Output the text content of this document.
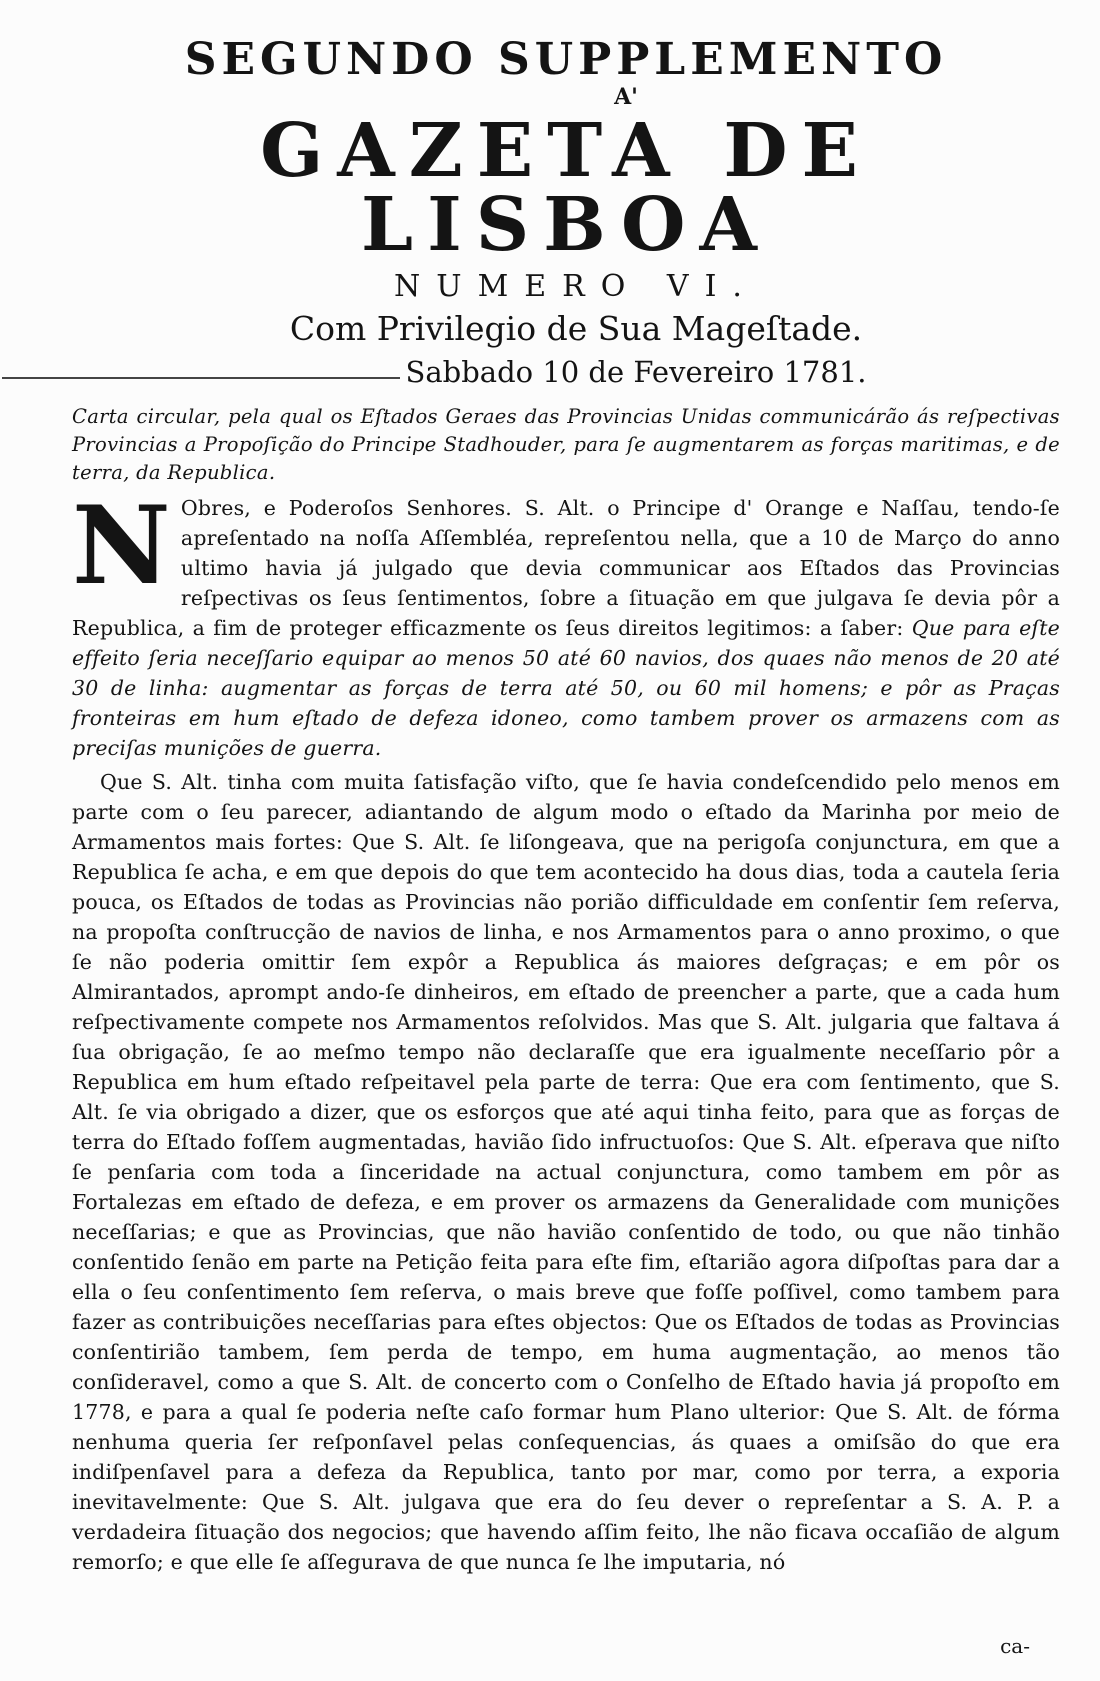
SEGUNDO SUPPLEMENTO
A'
GAZETA DE LISBOA
NUMERO VI.
Com Privilegio de Sua Mageſtade.
Sabbado 10 de Fevereiro 1781.
Carta circular, pela qual os Eſtados Geraes das Provincias Unidas communicárão ás reſpectivas Provincias a Propoſição do Principe Stadhouder, para ſe augmentarem as forças maritimas, e de terra, da Republica.
N Obres, e Poderoſos Senhores. S. Alt. o Principe d' Orange e Naſſau, tendo-ſe apreſentado na noſſa Aſſembléa, repreſentou nella, que a 10 de Março do anno ultimo havia já julgado que devia communicar aos Eſtados das Provincias reſpectivas os ſeus ſentimentos, ſobre a ſituação em que julgava ſe devia pôr a Republica, a fim de proteger efficazmente os ſeus direitos legitimos: a ſaber: Que para eſte effeito ſeria neceſſario equipar ao menos 50 até 60 navios, dos quaes não menos de 20 até 30 de linha: augmentar as forças de terra até 50, ou 60 mil homens; e pôr as Praças fronteiras em hum eſtado de defeza idoneo, como tambem prover os armazens com as preciſas munições de guerra.
Que S. Alt. tinha com muita ſatisfação viſto, que ſe havia condeſcendido pelo menos em parte com o ſeu parecer, adiantando de algum modo o eſtado da Marinha por meio de Armamentos mais fortes: Que S. Alt. ſe liſongeava, que na perigoſa conjunctura, em que a Republica ſe acha, e em que depois do que tem acontecido ha dous dias, toda a cautela ſeria pouca, os Eſtados de todas as Provincias não porião difficuldade em conſentir ſem reſerva, na propoſta conſtrucção de navios de linha, e nos Armamentos para o anno proximo, o que ſe não poderia omittir ſem expôr a Republica ás maiores deſgraças; e em pôr os Almirantados, aprompt ando-ſe dinheiros, em eſtado de preencher a parte, que a cada hum reſpectivamente compete nos Armamentos reſolvidos. Mas que S. Alt. julgaria que faltava á ſua obrigação, ſe ao meſmo tempo não declaraſſe que era igualmente neceſſario pôr a Republica em hum eſtado reſpeitavel pela parte de terra: Que era com ſentimento, que S. Alt. ſe via obrigado a dizer, que os esforços que até aqui tinha feito, para que as forças de terra do Eſtado foſſem augmentadas, havião ſido infructuoſos: Que S. Alt. eſperava que niſto ſe penſaria com toda a ſinceridade na actual conjunctura, como tambem em pôr as Fortalezas em eſtado de defeza, e em prover os armazens da Generalidade com munições neceſſarias; e que as Provincias, que não havião conſentido de todo, ou que não tinhão conſentido ſenão em parte na Petição feita para eſte fim, eſtarião agora diſpoſtas para dar a ella o ſeu conſentimento ſem reſerva, o mais breve que foſſe poſſivel, como tambem para fazer as contribuições neceſſarias para eſtes objectos: Que os Eſtados de todas as Provincias conſentirião tambem, ſem perda de tempo, em huma augmentação, ao menos tão conſideravel, como a que S. Alt. de concerto com o Conſelho de Eſtado havia já propoſto em 1778, e para a qual ſe poderia neſte caſo formar hum Plano ulterior: Que S. Alt. de fórma nenhuma queria ſer reſponſavel pelas conſequencias, ás quaes a omiſsão do que era indiſpenſavel para a defeza da Republica, tanto por mar, como por terra, a exporia inevitavelmente: Que S. Alt. julgava que era do ſeu dever o repreſentar a S. A. P. a verdadeira ſituação dos negocios; que havendo aſſim feito, lhe não ficava occaſião de algum remorſo; e que elle ſe aſſegurava de que nunca ſe lhe imputaria, nó
ca-
